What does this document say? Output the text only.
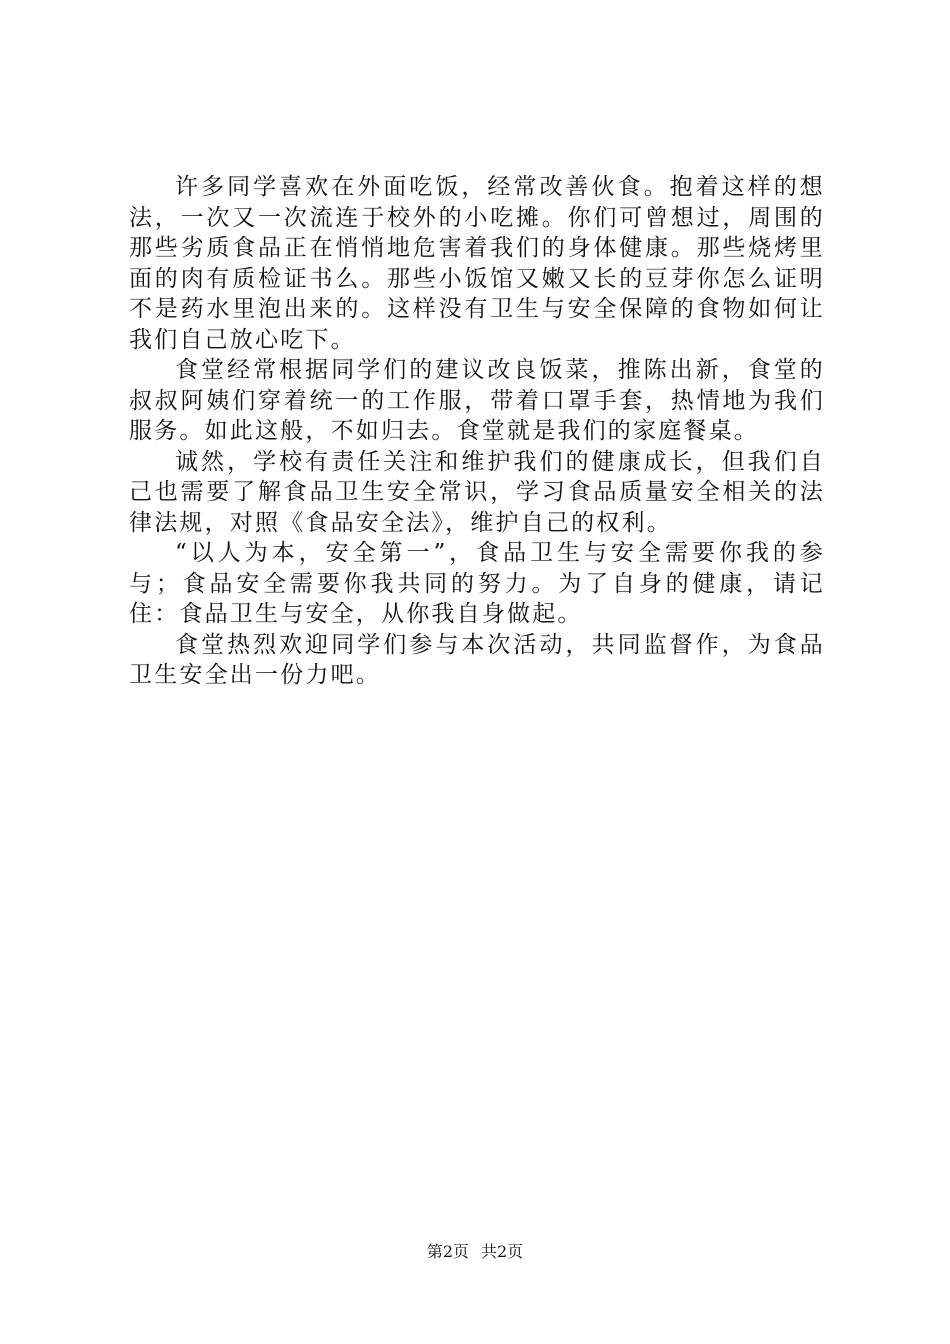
许多同学喜欢在外面吃饭，经常改善伙食。抱着这样的想法，一次又一次流连于校外的小吃摊。你们可曾想过，周围的那些劣质食品正在悄悄地危害着我们的身体健康。那些烧烤里面的肉有质检证书么。那些小饭馆又嫩又长的豆芽你怎么证明不是药水里泡出来的。这样没有卫生与安全保障的食物如何让我们自己放心吃下。

食堂经常根据同学们的建议改良饭菜，推陈出新，食堂的叔叔阿姨们穿着统一的工作服，带着口罩手套，热情地为我们服务。如此这般，不如归去。食堂就是我们的家庭餐桌。

诚然，学校有责任关注和维护我们的健康成长，但我们自己也需要了解食品卫生安全常识，学习食品质量安全相关的法律法规，对照《食品安全法》，维护自己的权利。

“以人为本，安全第一”，食品卫生与安全需要你我的参与；食品安全需要你我共同的努力。为了自身的健康，请记住：食品卫生与安全，从你我自身做起。

食堂热烈欢迎同学们参与本次活动，共同监督作，为食品卫生安全出一份力吧。

第2页 共2页
